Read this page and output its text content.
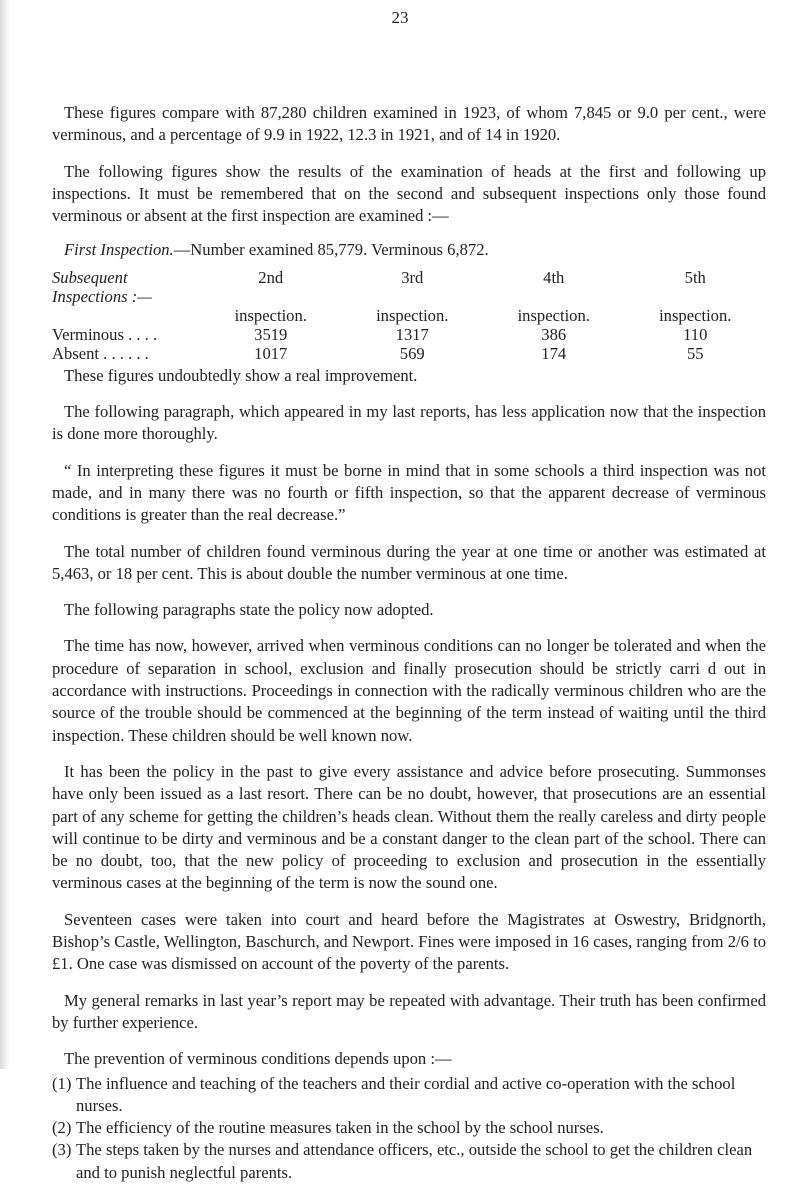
23

These figures compare with 87,280 children examined in 1923, of whom 7,845 or 9.0 per cent., were verminous, and a percentage of 9.9 in 1922, 12.3 in 1921, and of 14 in 1920.

The following figures show the results of the examination of heads at the first and following up inspections. It must be remembered that on the second and subsequent inspections only those found verminous or absent at the first inspection are examined :—

First Inspection.—Number examined 85,779. Verminous 6,872.

Subsequent Inspections :—	2nd	3rd	4th	5th
	inspection.	inspection.	inspection.	inspection.
Verminous . . . .	3519	1317	386	110
Absent . . . . . .	1017	569	174	55

These figures undoubtedly show a real improvement.

The following paragraph, which appeared in my last reports, has less application now that the inspection is done more thoroughly.

“ In interpreting these figures it must be borne in mind that in some schools a third inspection was not made, and in many there was no fourth or fifth inspection, so that the apparent decrease of verminous conditions is greater than the real decrease.”

The total number of children found verminous during the year at one time or another was estimated at 5,463, or 18 per cent. This is about double the number verminous at one time.

The following paragraphs state the policy now adopted.

The time has now, however, arrived when verminous conditions can no longer be tolerated and when the procedure of separation in school, exclusion and finally prosecution should be strictly carri d out in accordance with instructions. Proceedings in connection with the radically verminous children who are the source of the trouble should be commenced at the beginning of the term instead of waiting until the third inspection. These children should be well known now.

It has been the policy in the past to give every assistance and advice before prosecuting. Summonses have only been issued as a last resort. There can be no doubt, however, that prosecutions are an essential part of any scheme for getting the children’s heads clean. Without them the really careless and dirty people will continue to be dirty and verminous and be a constant danger to the clean part of the school. There can be no doubt, too, that the new policy of proceeding to exclusion and prosecution in the essentially verminous cases at the beginning of the term is now the sound one.

Seventeen cases were taken into court and heard before the Magistrates at Oswestry, Bridgnorth, Bishop’s Castle, Wellington, Baschurch, and Newport. Fines were imposed in 16 cases, ranging from 2/6 to £1. One case was dismissed on account of the poverty of the parents.

My general remarks in last year’s report may be repeated with advantage. Their truth has been confirmed by further experience.

The prevention of verminous conditions depends upon :—

(1) The influence and teaching of the teachers and their cordial and active co-operation with the school nurses.
(2) The efficiency of the routine measures taken in the school by the school nurses.
(3) The steps taken by the nurses and attendance officers, etc., outside the school to get the children clean and to punish neglectful parents.
